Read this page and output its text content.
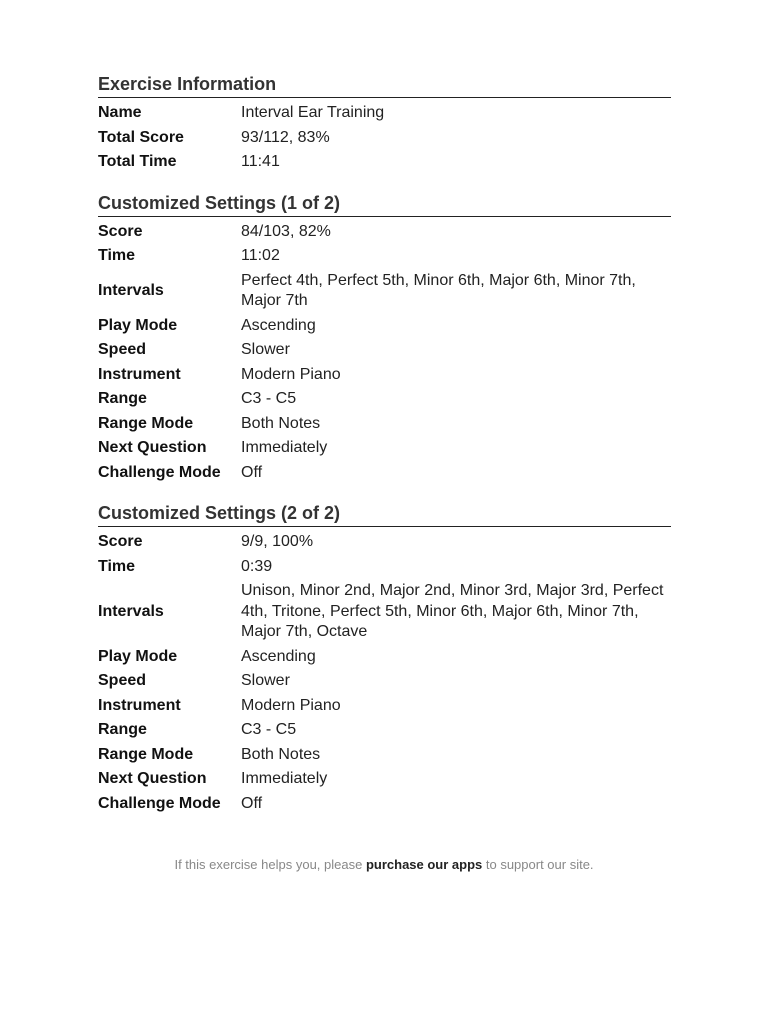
Exercise Information
Name	Interval Ear Training
Total Score	93/112, 83%
Total Time	11:41
Customized Settings (1 of 2)
Score	84/103, 82%
Time	11:02
Intervals	Perfect 4th, Perfect 5th, Minor 6th, Major 6th, Minor 7th, Major 7th
Play Mode	Ascending
Speed	Slower
Instrument	Modern Piano
Range	C3 - C5
Range Mode	Both Notes
Next Question	Immediately
Challenge Mode	Off
Customized Settings (2 of 2)
Score	9/9, 100%
Time	0:39
Intervals	Unison, Minor 2nd, Major 2nd, Minor 3rd, Major 3rd, Perfect 4th, Tritone, Perfect 5th, Minor 6th, Major 6th, Minor 7th, Major 7th, Octave
Play Mode	Ascending
Speed	Slower
Instrument	Modern Piano
Range	C3 - C5
Range Mode	Both Notes
Next Question	Immediately
Challenge Mode	Off
If this exercise helps you, please purchase our apps to support our site.
